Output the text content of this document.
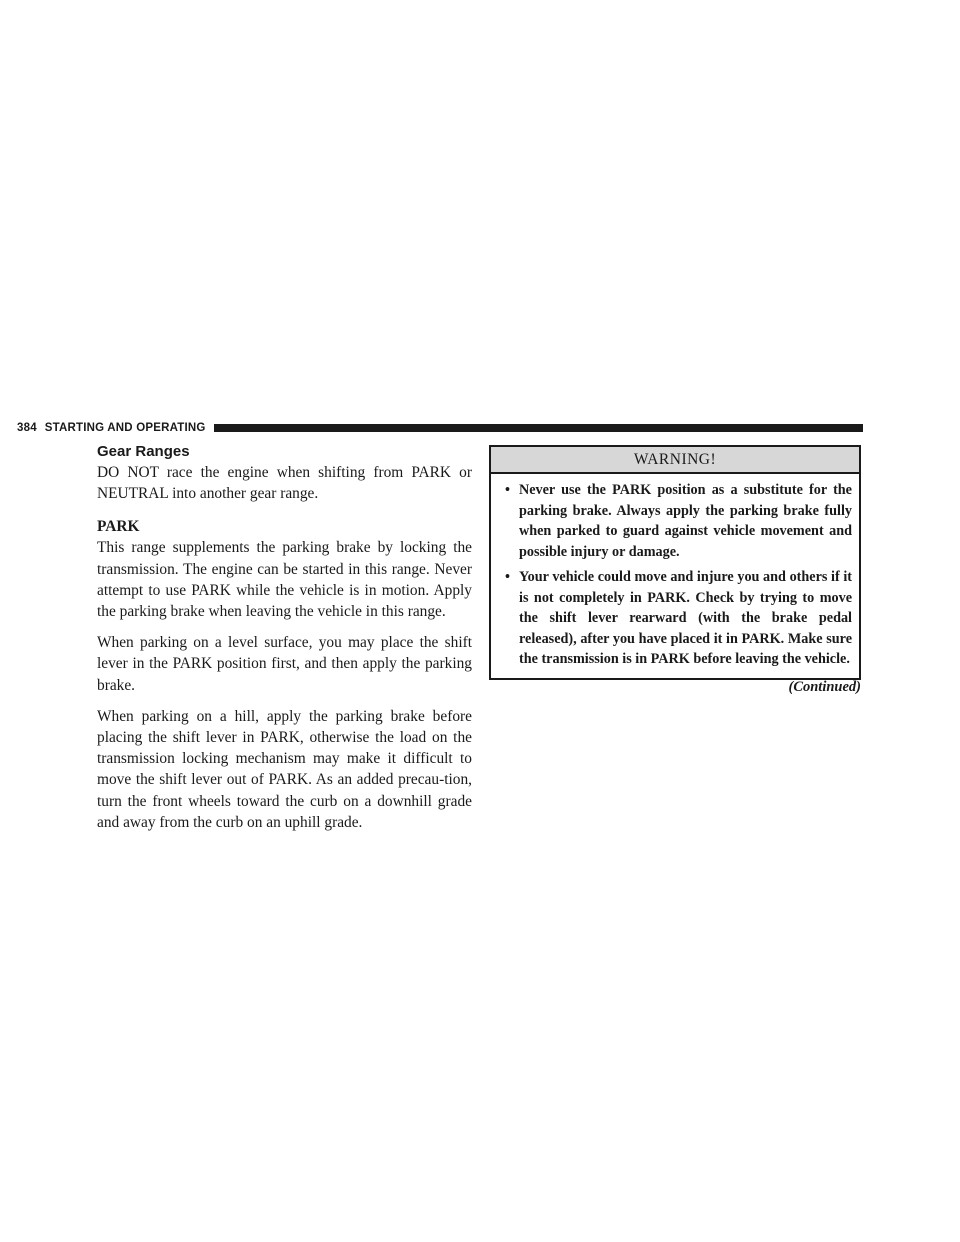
384 STARTING AND OPERATING
Gear Ranges

DO NOT race the engine when shifting from PARK or NEUTRAL into another gear range.

PARK

This range supplements the parking brake by locking the transmission. The engine can be started in this range. Never attempt to use PARK while the vehicle is in motion. Apply the parking brake when leaving the vehicle in this range.

When parking on a level surface, you may place the shift lever in the PARK position first, and then apply the parking brake.

When parking on a hill, apply the parking brake before placing the shift lever in PARK, otherwise the load on the transmission locking mechanism may make it difficult to move the shift lever out of PARK. As an added precau-tion, turn the front wheels toward the curb on a downhill grade and away from the curb on an uphill grade.

WARNING!
• Never use the PARK position as a substitute for the parking brake. Always apply the parking brake fully when parked to guard against vehicle movement and possible injury or damage.
• Your vehicle could move and injure you and others if it is not completely in PARK. Check by trying to move the shift lever rearward (with the brake pedal released), after you have placed it in PARK. Make sure the transmission is in PARK before leaving the vehicle.
(Continued)
